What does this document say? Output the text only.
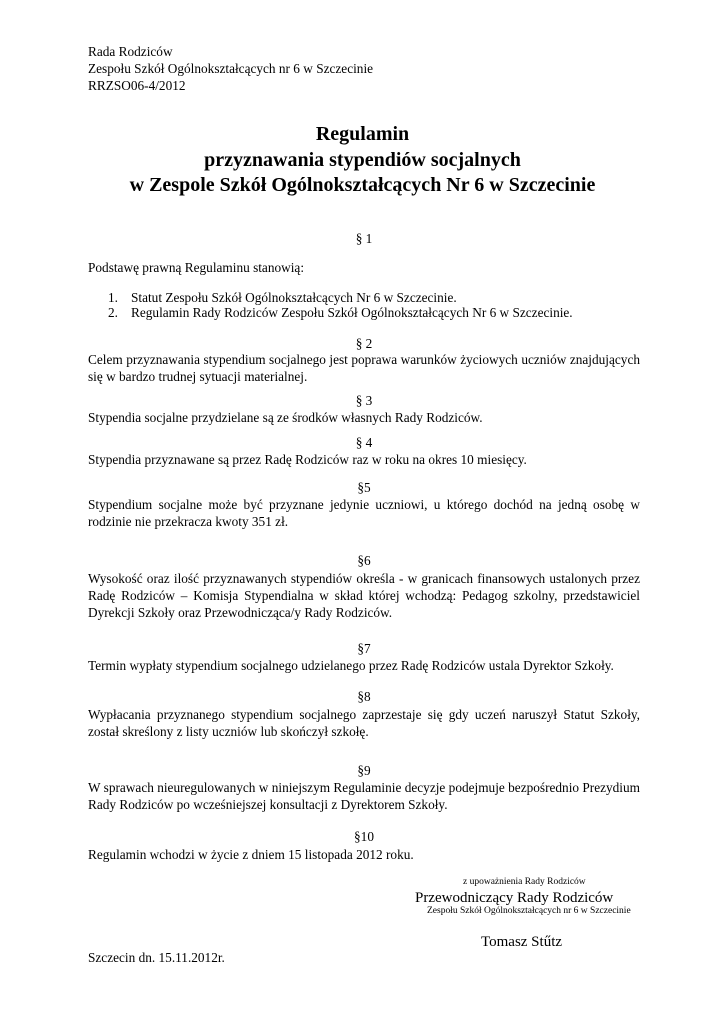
Rada Rodziców
Zespołu Szkół Ogólnokształcących nr 6 w Szczecinie
RRZSO06-4/2012
Regulamin
przyznawania stypendiów socjalnych
w Zespole Szkół Ogólnokształcących Nr 6 w Szczecinie
§ 1
Podstawę prawną Regulaminu stanowią:
1. Statut Zespołu Szkół Ogólnokształcących Nr 6 w Szczecinie.
2. Regulamin Rady Rodziców Zespołu Szkół Ogólnokształcących Nr 6 w Szczecinie.
§ 2
Celem przyznawania stypendium socjalnego jest poprawa warunków życiowych uczniów znajdujących się w bardzo trudnej sytuacji materialnej.
§ 3
Stypendia socjalne przydzielane są ze środków własnych Rady Rodziców.
§ 4
Stypendia przyznawane są przez Radę Rodziców raz w roku na okres 10 miesięcy.
§5
Stypendium socjalne może być przyznane jedynie uczniowi, u którego dochód na jedną osobę w rodzinie nie przekracza kwoty 351 zł.
§6
Wysokość oraz ilość przyznawanych stypendiów określa - w granicach finansowych ustalonych przez Radę Rodziców – Komisja Stypendialna w skład której wchodzą: Pedagog szkolny, przedstawiciel Dyrekcji Szkoły oraz Przewodnicząca/y Rady Rodziców.
§7
Termin wypłaty stypendium socjalnego udzielanego przez Radę Rodziców ustala Dyrektor Szkoły.
§8
Wypłacania przyznanego stypendium socjalnego zaprzestaje się gdy uczeń naruszył Statut Szkoły, został skreślony z listy uczniów lub skończył szkołę.
§9
W sprawach nieuregulowanych w niniejszym Regulaminie decyzje podejmuje bezpośrednio Prezydium Rady Rodziców po wcześniejszej konsultacji z Dyrektorem Szkoły.
§10
Regulamin wchodzi w życie z dniem 15 listopada 2012 roku.
z upoważnienia Rady Rodziców
Przewodniczący Rady Rodziców
Zespołu Szkół Ogólnokształcących nr 6 w Szczecinie
Tomasz Stűtz
Szczecin dn. 15.11.2012r.
